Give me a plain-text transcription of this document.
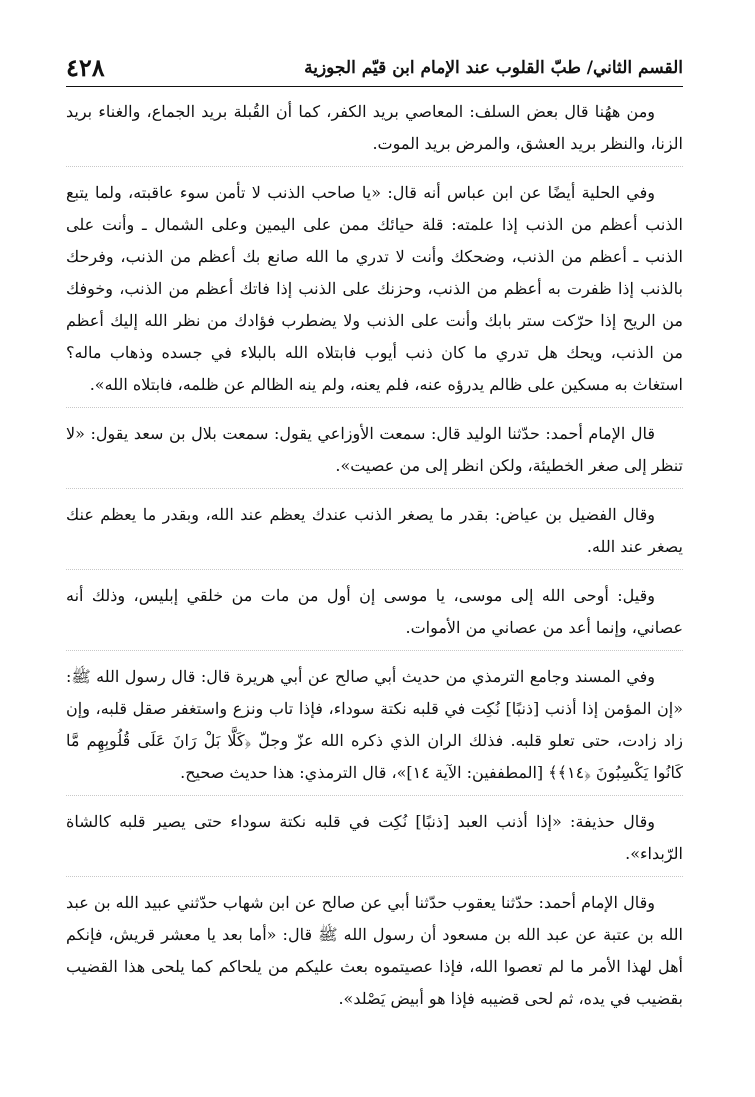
٤٢٨	القسم الثاني/ طبّ القلوب عند الإمام ابن قيّم الجوزية

ومن ههُنا قال بعض السلف: المعاصي بريد الكفر، كما أن القُبلة بريد الجماع، والغناء بريد الزنا، والنظر بريد العشق، والمرض بريد الموت.

وفي الحلية أيضًا عن ابن عباس أنه قال: «يا صاحب الذنب لا تأمن سوء عاقبته، ولما يتبع الذنب أعظم من الذنب إذا علمته: قلة حيائك ممن على اليمين وعلى الشمال ـ وأنت على الذنب ـ أعظم من الذنب، وضحكك وأنت لا تدري ما الله صانع بك أعظم من الذنب، وفرحك بالذنب إذا ظفرت به أعظم من الذنب، وحزنك على الذنب إذا فاتك أعظم من الذنب، وخوفك من الريح إذا حرّكت ستر بابك وأنت على الذنب ولا يضطرب فؤادك من نظر الله إليك أعظم من الذنب، ويحك هل تدري ما كان ذنب أيوب فابتلاه الله بالبلاء في جسده وذهاب ماله؟ استغاث به مسكين على ظالم يدرؤه عنه، فلم يعنه، ولم ينه الظالم عن ظلمه، فابتلاه الله».

قال الإمام أحمد: حدّثنا الوليد قال: سمعت الأوزاعي يقول: سمعت بلال بن سعد يقول: «لا تنظر إلى صغر الخطيئة، ولكن انظر إلى من عصيت».

وقال الفضيل بن عياض: بقدر ما يصغر الذنب عندك يعظم عند الله، وبقدر ما يعظم عنك يصغر عند الله.

وقيل: أوحى الله إلى موسى، يا موسى إن أول من مات من خلقي إبليس، وذلك أنه عصاني، وإنما أعد من عصاني من الأموات.

وفي المسند وجامع الترمذي من حديث أبي صالح عن أبي هريرة قال: قال رسول الله ﷺ: «إن المؤمن إذا أذنب [ذنبًا] نُكِت في قلبه نكتة سوداء، فإذا تاب ونزع واستغفر صقل قلبه، وإن زاد زادت، حتى تعلو قلبه. فذلك الران الذي ذكره الله عزّ وجلّ ﴿كَلَّا بَلْ رَانَ عَلَى قُلُوبِهِم مَّا كَانُوا يَكْسِبُونَ ﴿١٤﴾﴾ [المطففين: الآية ١٤]»، قال الترمذي: هذا حديث صحيح.

وقال حذيفة: «إذا أذنب العبد [ذنبًا] نُكِت في قلبه نكتة سوداء حتى يصير قلبه كالشاة الرّبداء».

وقال الإمام أحمد: حدّثنا يعقوب حدّثنا أبي عن صالح عن ابن شهاب حدّثني عبيد الله بن عبد الله بن عتبة عن عبد الله بن مسعود أن رسول الله ﷺ قال: «أما بعد يا معشر قريش، فإنكم أهل لهذا الأمر ما لم تعصوا الله، فإذا عصيتموه بعث عليكم من يلحاكم كما يلحى هذا القضيب بقضيب في يده، ثم لحى قضيبه فإذا هو أبيض يَصْلد».
